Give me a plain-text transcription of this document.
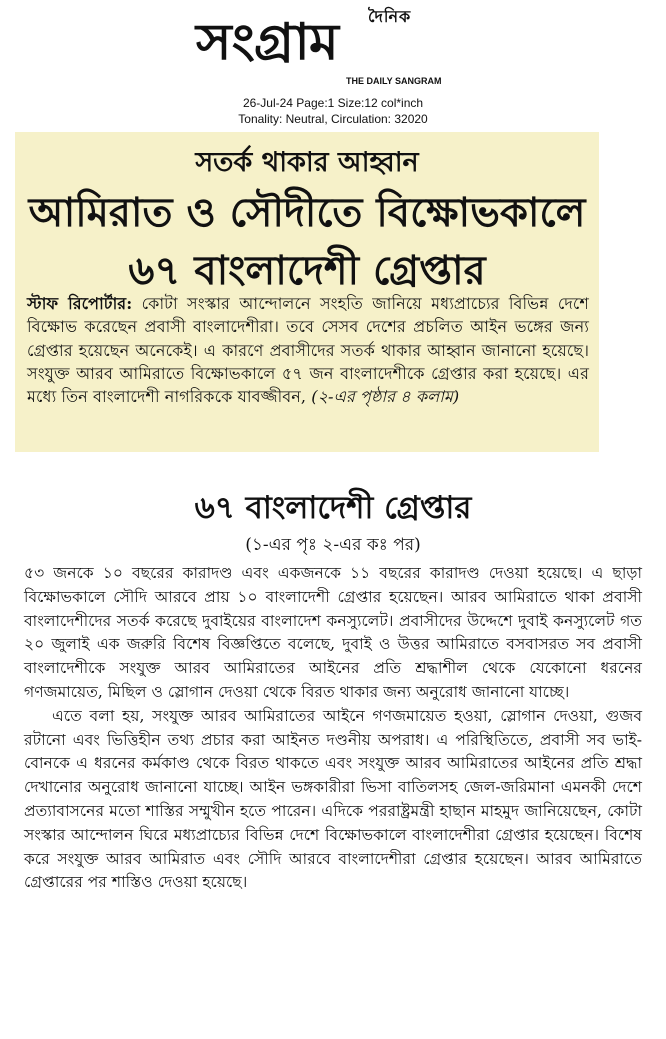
দৈনিক
সংগ্রাম
THE DAILY SANGRAM
26-Jul-24 Page:1 Size:12 col*inch
Tonality: Neutral, Circulation: 32020
সতর্ক থাকার আহ্বান
আমিরাত ও সৌদীতে বিক্ষোভকালে
৬৭ বাংলাদেশী গ্রেপ্তার
স্টাফ রিপোর্টার: কোটা সংস্কার আন্দোলনে সংহতি জানিয়ে মধ্যপ্রাচ্যের বিভিন্ন দেশে বিক্ষোভ করেছেন প্রবাসী বাংলাদেশীরা। তবে সেসব দেশের প্রচলিত আইন ভঙ্গের জন্য গ্রেপ্তার হয়েছেন অনেকেই। এ কারণে প্রবাসীদের সতর্ক থাকার আহ্বান জানানো হয়েছে। সংযুক্ত আরব আমিরাতে বিক্ষোভকালে ৫৭ জন বাংলাদেশীকে গ্রেপ্তার করা হয়েছে। এর মধ্যে তিন বাংলাদেশী নাগরিককে যাবজ্জীবন, (২-এর পৃষ্ঠার ৪ কলাম)
৬৭ বাংলাদেশী গ্রেপ্তার
(১-এর পৃঃ ২-এর কঃ পর)

৫৩ জনকে ১০ বছরের কারাদণ্ড এবং একজনকে ১১ বছরের কারাদণ্ড দেওয়া হয়েছে। এ ছাড়া বিক্ষোভকালে সৌদি আরবে প্রায় ১০ বাংলাদেশী গ্রেপ্তার হয়েছেন। আরব আমিরাতে থাকা প্রবাসী বাংলাদেশীদের সতর্ক করেছে দুবাইয়ের বাংলাদেশ কনস্যুলেট। প্রবাসীদের উদ্দেশে দুবাই কনস্যুলেট গত ২০ জুলাই এক জরুরি বিশেষ বিজ্ঞপ্তিতে বলেছে, দুবাই ও উত্তর আমিরাতে বসবাসরত সব প্রবাসী বাংলাদেশীকে সংযুক্ত আরব আমিরাতের আইনের প্রতি শ্রদ্ধাশীল থেকে যেকোনো ধরনের গণজমায়েত, মিছিল ও স্লোগান দেওয়া থেকে বিরত থাকার জন্য অনুরোধ জানানো যাচ্ছে।

এতে বলা হয়, সংযুক্ত আরব আমিরাতের আইনে গণজমায়েত হওয়া, স্লোগান দেওয়া, গুজব রটানো এবং ভিত্তিহীন তথ্য প্রচার করা আইনত দণ্ডনীয় অপরাধ। এ পরিস্থিতিতে, প্রবাসী সব ভাই-বোনকে এ ধরনের কর্মকাণ্ড থেকে বিরত থাকতে এবং সংযুক্ত আরব আমিরাতের আইনের প্রতি শ্রদ্ধা দেখানোর অনুরোধ জানানো যাচ্ছে। আইন ভঙ্গকারীরা ভিসা বাতিলসহ জেল-জরিমানা এমনকী দেশে প্রত্যাবাসনের মতো শাস্তির সম্মুখীন হতে পারেন। এদিকে পররাষ্ট্রমন্ত্রী হাছান মাহমুদ জানিয়েছেন, কোটা সংস্কার আন্দোলন ঘিরে মধ্যপ্রাচ্যের বিভিন্ন দেশে বিক্ষোভকালে বাংলাদেশীরা গ্রেপ্তার হয়েছেন। বিশেষ করে সংযুক্ত আরব আমিরাত এবং সৌদি আরবে বাংলাদেশীরা গ্রেপ্তার হয়েছেন। আরব আমিরাতে গ্রেপ্তারের পর শাস্তিও দেওয়া হয়েছে।
